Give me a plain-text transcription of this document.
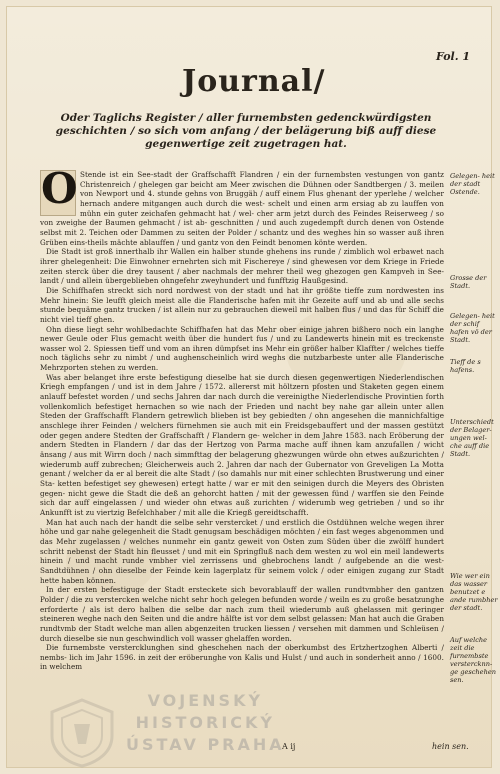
Fol. 1
Journal/
Oder Taglichs Register / aller furnembsten gedenckwürdigsten geschichten / so sich vom anfang / der belägerung biß auff diese gegenwertige zeit zugetragen hat.

O Stende ist ein See-stadt der Graffschafft Flandren / ein der furnembsten vestungen von gantz Christenreich / ghelegen gar beicht am Meer zwischen die Dühnen oder Sandtbergen / 3. meilen von Newport und 4. stunde gehns von Bruggäh / auff einem Flus ghenant der yperlehe / welcher hernach andere mitgangen auch durch die west- schelt und einen arm ersiag ab zu lauffen von mühn ein guter zeichafen gehmacht hat / wel- cher arm jetzt durch des Feindes Reiserweeg / so von zweighe der Baumen gehmacht / ist ab- geschnitten / und auch zugedempft durch denen von Ostende selbst mit 2. Teichen oder Dammen zu seiten der Polder / schantz und des weghes hin so wasser auß ihren Grüben eins-theils mächte ablauffen / und gantz von den Feindt benomen könte werden.

Die Stadt ist groß innerthalb ihr Wallen ein halber stunde ghehens ins runde / zimblich wol erbawet nach ihrer ghelegenheit: Die Einwohner ernehrten sich mit Fischereye / sind ghewesen vor dem Kriege in Friede zeiten sterck über die drey tausent / aber nachmals der mehrer theil weg ghezogen gen Kampveh in See-landt / und allein übergeblieben ohngefehr zweyhundert und funfftzig Haußgesind.

Die Schiffhafen streckt sich nord nordwest von der stadt und hat ihr größte tieffe zum nordwesten ins Mehr hinein: Sie leufft gleich meist alle die Flanderische hafen mit ihr Gezeite auff und ab und alle sechs stunde bequäme gantz trucken / ist allein nur zu gebrauchen dieweil mit halben flus / und das für Schiff die nicht viel tieff ghen.

Ohn diese liegt sehr wohlbedachte Schiffhafen hat das Mehr ober einige jahren bißhero noch ein langhe newer Geule oder Flus gemacht weith über die hundert fus / und zu Landewerts hinein mit es treckenste wasser wol 2. Spiessen tieff und vom an ihren dümpfset ins Mehr ein größer halber Klaffter / welches tieffe noch täglichs sehr zu nimbt / und aughenscheinlich wird weghs die nutzbarbeste unter alle Flanderische Mehrzporten stehen zu werden.

Was aber belanget ihre erste befestigung dieselbe hat sie durch diesen gegenwertigen Niederlendischen Kriegh empfangen / und ist in dem Jahre / 1572. allererst mit höltzern pfosten und Staketen gegen einem anlauff befestet worden / und sechs Jahren dar nach durch die vereinigthe Niederlendische Provintien forth vollenkomlich befestiget hernachen so wie nach der Frieden und nacht bey nahe gar allein unter allen Steden der Graffschafft Flandern getrewlich blieben ist bey gebiedten / ohn angesehen die mannichfaltige anschlege ihrer Feinden / welchers fürnehmen sie auch mit ein Freidsgebauffert und der massen gestützt oder gegen andere Stedten der Graffschafft / Flandern ge- welcher in dem Jahre 1583. nach Eröberung der andern Stedten in Flandern / dar das der Hertzog von Parma mache auff ihnen kam anzufallen / wicht änsang / aus mit Wirrn doch / nach simmfttag der belagerung ghezwungen würde ohn etwes außzurichten / wiederumb auff zubrechen; Gleicherweis auch 2. Jahren dar nach der Gubernator von Greveligen La Motta genant / welcher da er al bereit die alte Stadt / (so damahls nur mit einer schlechten Brustwerung und einer Sta- ketten befestiget sey ghewesen) ertegt hatte / war er mit den seinigen durch die Meyers des Obristen gegen- nicht gewe die Stadt die deß an gehorcht hatten / mit der gewessen fünd / warffen sie den Feinde sich dar auff eingelassen / und wieder ohn etwas auß zurichten / widerumb weg getrieben / und so ihr Ankunfft ist zu viertzig Befelchhaber / mit alle die Kriegß gereidtschafft.

Man hat auch nach der handt die selbe sehr verstercket / und erstlich die Ostdühnen welche wegen ihrer höhe und gar nahe gelegenheit die Stadt genugsam beschädigen möchten / ein fast weges abgenommen und das Mehr zugelassen / welches nunmehr ein gantz geweit von Osten zum Süden über die zwölff hundert schritt nebenst der Stadt hin fleusset / und mit ein Springfluß nach dem westen zu wol ein meil landewerts hinein / und macht runde vmbher viel zerrissens und ghebrochens landt / aufgebende an die west-Sandtdühnen / ohn dieselbe der Feinde kein lagerplatz für seinem volck / oder einigen zugang zur Stadt hette haben können.

In der ersten befestiguge der Stadt ersteckete sich bevorablauff der wallen rundtvmbher den gantzen Polder / die zu verstercken welche nicht sehr hoch gelegen befunden worde / weiln es zu große besatzunghe erforderte / als ist dero halben die selbe dar nach zum theil wiederumb auß ghelassen mit geringer steineren weghe nach den Seiten und die andre hälfte ist vor dem selbst gelassen: Man hat auch die Graben rundtvmb der Stadt welche man allen abgenzeiten trucken liessen / versehen mit dammen und Schleüsen / durch dieselbe sie nun geschwindlich voll wasser ghelaffen worden.

Die furnembste verstercklunghen sind gheschehen nach der oberkumbst des Ertzhertzoghen Alberti / nembs- lich im Jahr 1596. in zeit der eröberunghe von Kalis und Hulst / und auch in sonderheit anno / 1600. in welchem

Gelegen- heit der stadt Ostende.
Grosse der Stadt.
Gelegen- heit der schif hafen vö der Stadt.
Tieff de s hafens.
Unterschiedt der Belager- ungen wel- che auff die Stadt.
Wie wer ein das wasser benutzet e ande rumbher der stadt.
Auf welche zeit die furnembste verstercknn- ge geschehen sen.
A ij	hein sen.
VOJENSKÝ
HISTORICKÝ
ÚSTAV PRAHA
